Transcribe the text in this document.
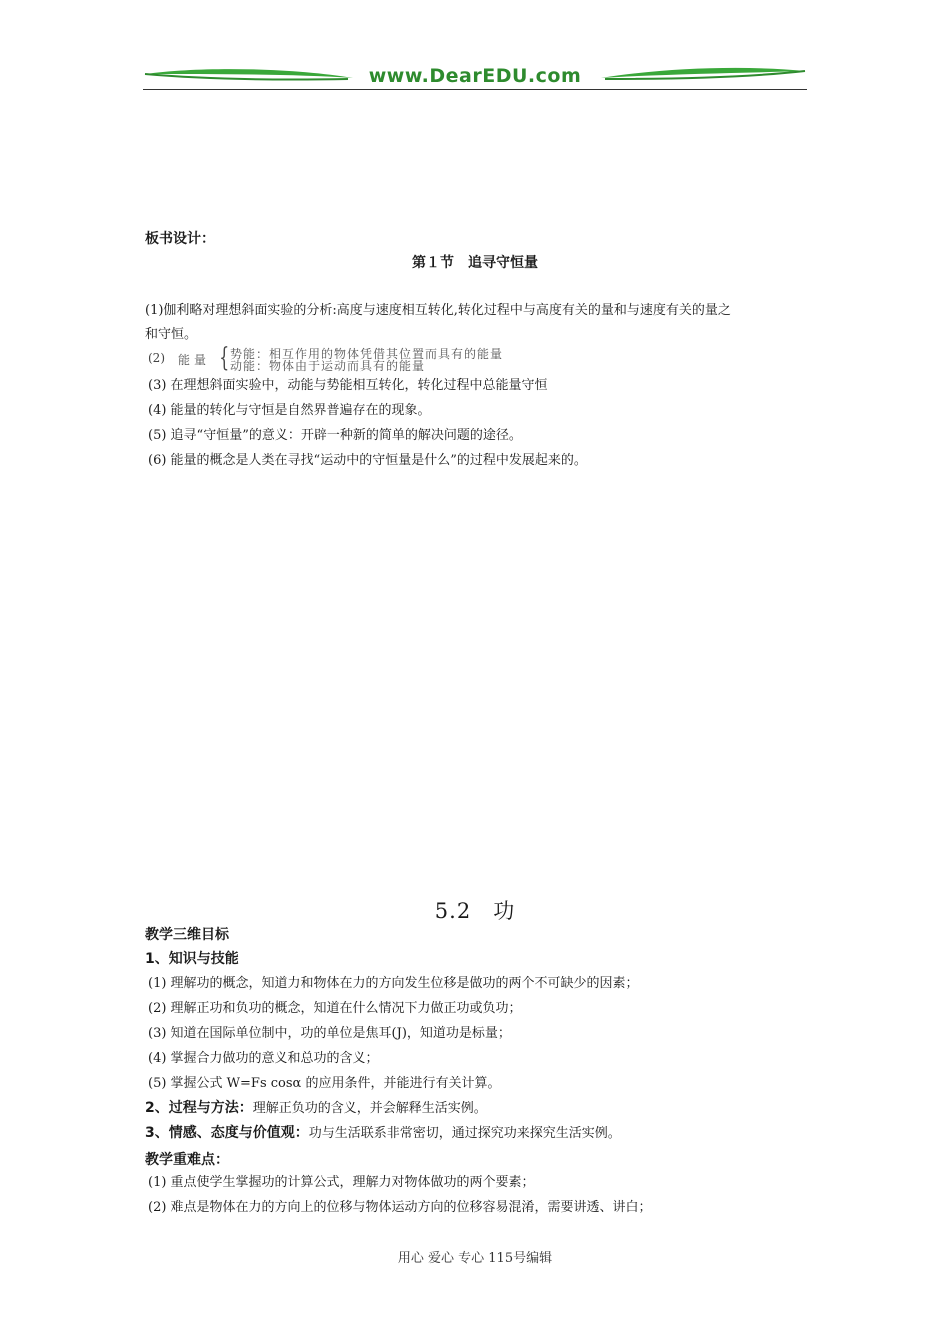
www.DearEDU.com
板书设计：
第１节　追寻守恒量
(1)伽利略对理想斜面实验的分析:高度与速度相互转化,转化过程中与高度有关的量和与速度有关的量之
和守恒。
(2) 能量 { 势能：相互作用的物体凭借其位置而具有的能量
动能：物体由于运动而具有的能量
(3) 在理想斜面实验中，动能与势能相互转化，转化过程中总能量守恒
(4) 能量的转化与守恒是自然界普遍存在的现象。
(5) 追寻“守恒量”的意义：开辟一种新的简单的解决问题的途径。
(6) 能量的概念是人类在寻找“运动中的守恒量是什么”的过程中发展起来的。
5.2　功
教学三维目标
1、知识与技能
(1) 理解功的概念，知道力和物体在力的方向发生位移是做功的两个不可缺少的因素；
(2) 理解正功和负功的概念，知道在什么情况下力做正功或负功；
(3) 知道在国际单位制中，功的单位是焦耳(J)，知道功是标量；
(4) 掌握合力做功的意义和总功的含义；
(5) 掌握公式 W=Fs cosα 的应用条件，并能进行有关计算。
2、过程与方法：理解正负功的含义，并会解释生活实例。
3、情感、态度与价值观：功与生活联系非常密切，通过探究功来探究生活实例。
教学重难点：
(1) 重点使学生掌握功的计算公式，理解力对物体做功的两个要素；
(2) 难点是物体在力的方向上的位移与物体运动方向的位移容易混淆，需要讲透、讲白；
用心 爱心 专心 115号编辑
